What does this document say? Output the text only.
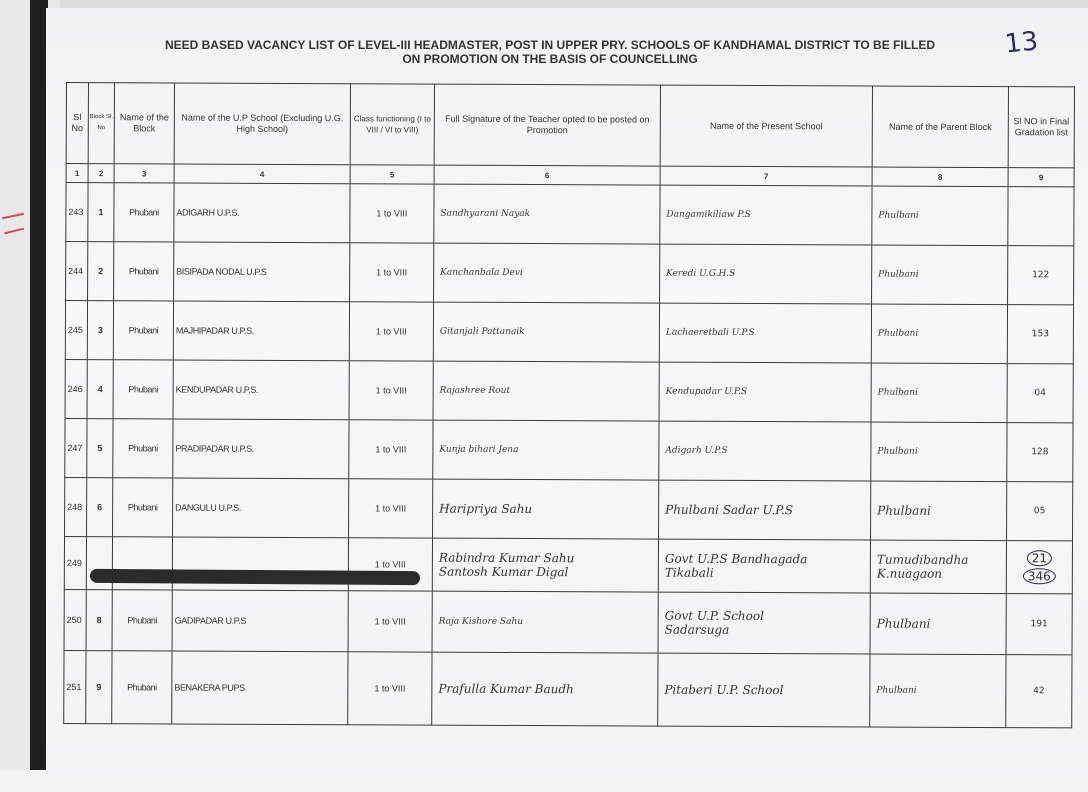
13
NEED BASED VACANCY LIST OF LEVEL-III HEADMASTER, POST IN UPPER PRY. SCHOOLS OF KANDHAMAL DISTRICT TO BE FILLED
ON PROMOTION ON THE BASIS OF COUNCELLING
Sl No	Block Sl. No	Name of the Block	Name of the U.P School (Excluding U.G. High School)	Class functioning (I to VIII / VI to VIII)	Full Signature of the Teacher opted to be posted on Promotion	Name of the Present School	Name of the Parent Block	Sl NO in Final Gradation list
1	2	3	4	5	6	7	8	9
243	1	Phubani	ADIGARH U.P.S.	1 to VIII	Sandhyarani Nayak	Dangamikiliaw P.S	Phulbani	
244	2	Phubani	BISIPADA NODAL U.P.S	1 to VIII	Kanchanbala Devi	Keredi U.G.H.S	Phulbani	122
245	3	Phubani	MAJHIPADAR U.P.S.	1 to VIII	Gitanjali Pattanaik	Lachaeretbali U.P.S	Phulbani	153
246	4	Phubani	KENDUPADAR U.P.S.	1 to VIII	Rajashree Rout	Kendupadar U.P.S	Phulbani	04
247	5	Phubani	PRADIPADAR U.P.S.	1 to VIII	Kunja bihari Jena	Adigarh U.P.S	Phulbani	128
248	6	Phubani	DANGULU U.P.S.	1 to VIII	Haripriya Sahu	Phulbani Sadar U.P.S	Phulbani	05
249				1 to VIII	Rabindra Kumar Sahu
Santosh Kumar Digal	Govt U.P.S Bandhagada
Tikabali	Tumudibandha
K.nuagaon	21
346
250	8	Phubani	GADIPADAR U.P.S	1 to VIII	Raja Kishore Sahu	Govt U.P. School
Sadarsuga	Phulbani	191
251	9	Phubani	BENAKERA PUPS	1 to VIII	Prafulla Kumar Baudh	Pitaberi U.P. School	Phulbani	42
